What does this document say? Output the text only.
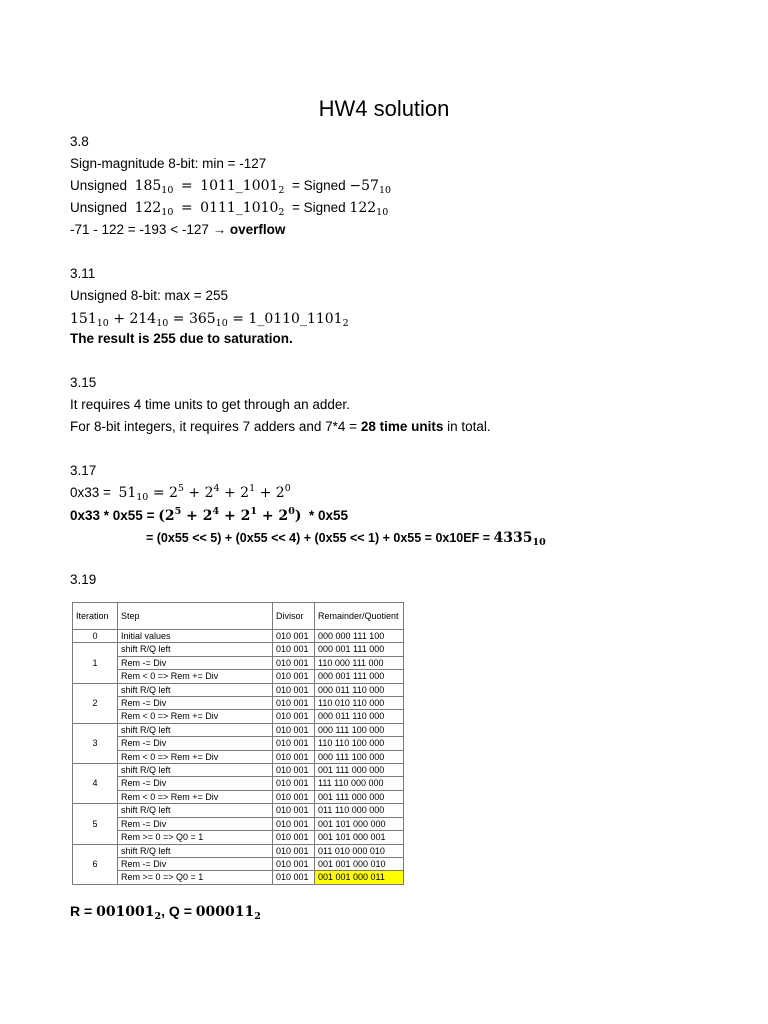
HW4 solution
3.8
Sign-magnitude 8-bit: min = -127
Unsigned $185_{10}$ = $1011\_1001_2$ = Signed $-57_{10}$
Unsigned $122_{10}$ = $0111\_1010_2$ = Signed $122_{10}$
-71 - 122 = -193 < -127 → overflow
3.11
Unsigned 8-bit: max = 255
$151_{10} + 214_{10} = 365_{10}$ = $1\_0110\_1101_2$
The result is 255 due to saturation.
3.15
It requires 4 time units to get through an adder.
For 8-bit integers, it requires 7 adders and 7*4 = 28 time units in total.
3.17
$0x33 = 51_{10} = 2^5 + 2^4 + 2^1 + 2^0$
$0x33 * 0x55 = (2^5 + 2^4 + 2^1 + 2^0) * 0x55$
= $(0x55 << 5) + (0x55 << 4) + (0x55 << 1) + 0x55 = 0x10EF = 4335_{10}$
3.19
Iteration	Step	Divisor	Remainder/Quotient
0	Initial values	010 001	000 000 111 100
1	shift R/Q left	010 001	000 001 111 000
	Rem -= Div	010 001	110 000 111 000
	Rem < 0 => Rem += Div	010 001	000 001 111 000
2	shift R/Q left	010 001	000 011 110 000
	Rem -= Div	010 001	110 010 110 000
	Rem < 0 => Rem += Div	010 001	000 011 110 000
3	shift R/Q left	010 001	000 111 100 000
	Rem -= Div	010 001	110 110 100 000
	Rem < 0 => Rem += Div	010 001	000 111 100 000
4	shift R/Q left	010 001	001 111 000 000
	Rem -= Div	010 001	111 110 000 000
	Rem < 0 => Rem += Div	010 001	001 111 000 000
5	shift R/Q left	010 001	011 110 000 000
	Rem -= Div	010 001	001 101 000 000
	Rem >= 0 => Q0 = 1	010 001	001 101 000 001
6	shift R/Q left	010 001	011 010 000 010
	Rem -= Div	010 001	001 001 000 010
	Rem >= 0 => Q0 = 1	010 001	001 001 000 011
$R = 001001_2$, $Q = 000011_2$
